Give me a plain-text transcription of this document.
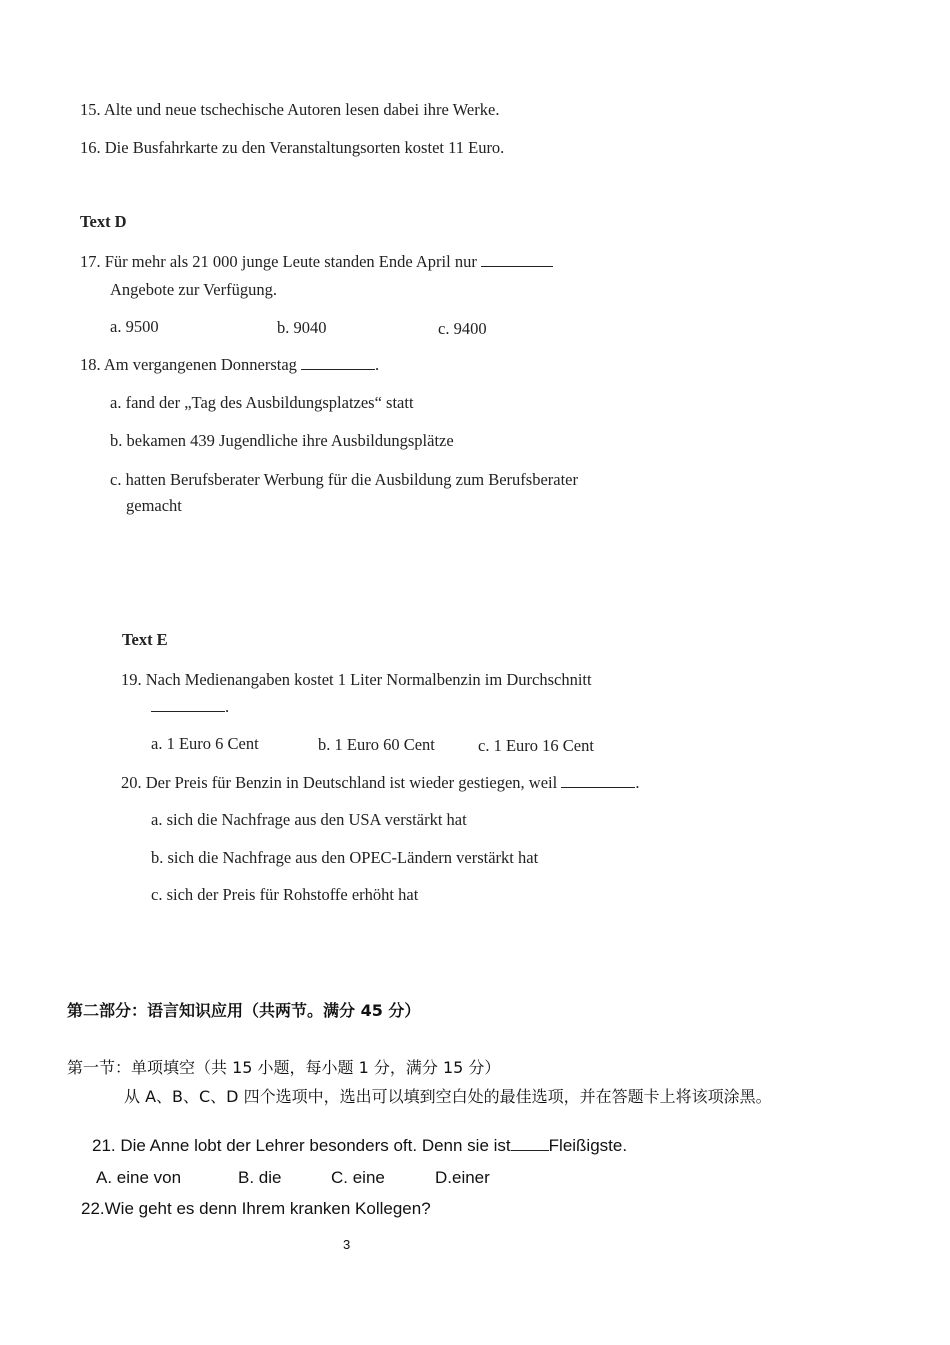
15. Alte und neue tschechische Autoren lesen dabei ihre Werke.
16. Die Busfahrkarte zu den Veranstaltungsorten kostet 11 Euro.
Text D
17. Für mehr als 21 000 junge Leute standen Ende April nur
Angebote zur Verfügung.
a. 9500	b. 9040	c. 9400
18. Am vergangenen Donnerstag	.
a. fand der „Tag des Ausbildungsplatzes“ statt
b. bekamen 439 Jugendliche ihre Ausbildungsplätze
c. hatten Berufsberater Werbung für die Ausbildung zum Berufsberater
gemacht
Text E
19. Nach Medienangaben kostet 1 Liter Normalbenzin im Durchschnitt
.
a. 1 Euro 6 Cent	b. 1 Euro 60 Cent	c. 1 Euro 16 Cent
20. Der Preis für Benzin in Deutschland ist wieder gestiegen, weil	.
a. sich die Nachfrage aus den USA verstärkt hat
b. sich die Nachfrage aus den OPEC-Ländern verstärkt hat
c. sich der Preis für Rohstoffe erhöht hat
第二部分：语言知识应用（共两节。满分 45 分）
第一节：单项填空（共 15 小题，每小题 1 分，满分 15 分）
从 A、B、C、D 四个选项中，选出可以填到空白处的最佳选项，并在答题卡上将该项涂黑。
21. Die Anne lobt der Lehrer besonders oft. Denn sie ist Fleißigste.
A. eine von	B. die	C. eine	D.einer
22.Wie geht es denn Ihrem kranken Kollegen?
3
